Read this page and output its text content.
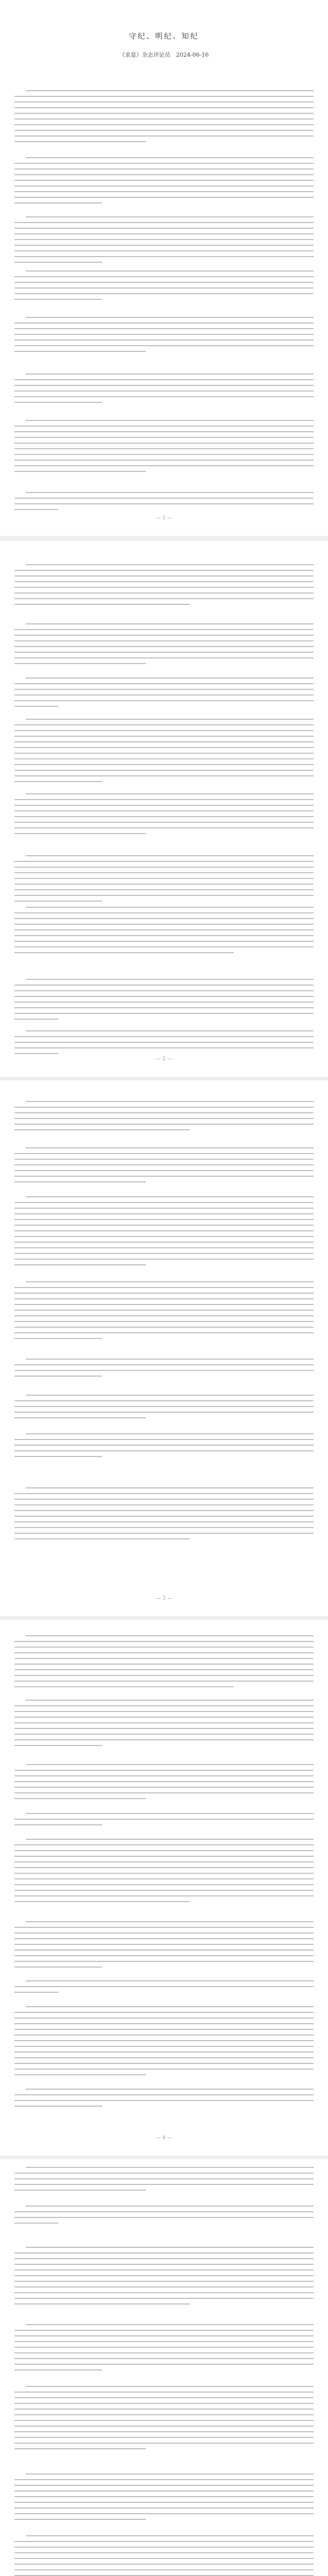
守纪、明纪、知纪
《求是》杂志评论员　2024-06-16
— 1 —
— 2 —
— 3 —
— 4 —
